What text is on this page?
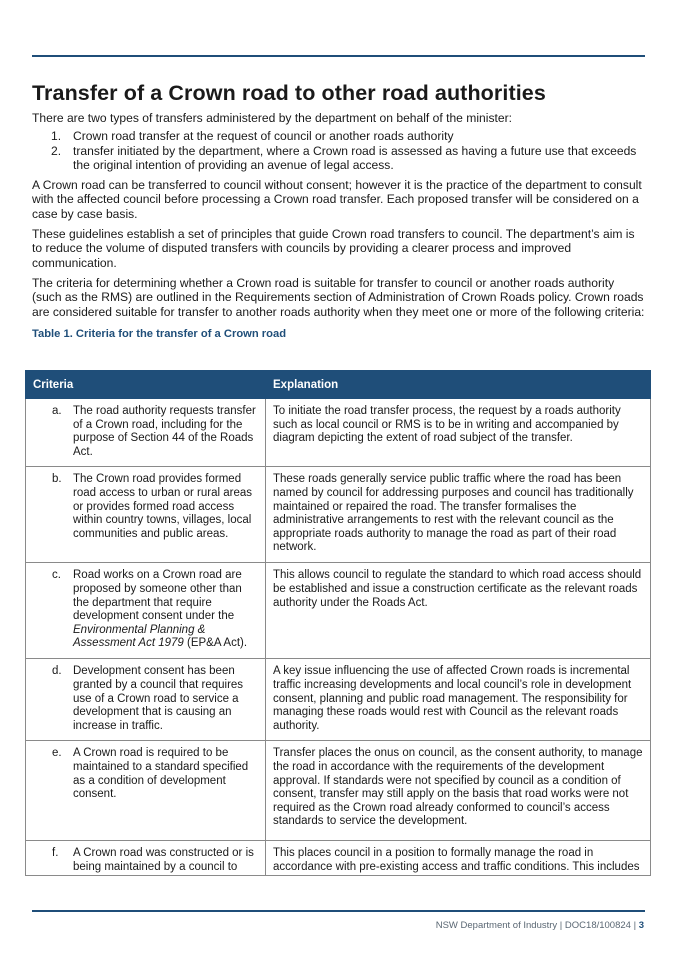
Transfer of a Crown road to other road authorities

There are two types of transfers administered by the department on behalf of the minister:

1. Crown road transfer at the request of council or another roads authority
2. transfer initiated by the department, where a Crown road is assessed as having a future use that exceeds the original intention of providing an avenue of legal access.

A Crown road can be transferred to council without consent; however it is the practice of the department to consult with the affected council before processing a Crown road transfer. Each proposed transfer will be considered on a case by case basis.

These guidelines establish a set of principles that guide Crown road transfers to council. The department’s aim is to reduce the volume of disputed transfers with councils by providing a clearer process and improved communication.

The criteria for determining whether a Crown road is suitable for transfer to council or another roads authority (such as the RMS) are outlined in the Requirements section of Administration of Crown Roads policy. Crown roads are considered suitable for transfer to another roads authority when they meet one or more of the following criteria:

Table 1. Criteria for the transfer of a Crown road
Criteria	Explanation

a. The road authority requests transfer of a Crown road, including for the purpose of Section 44 of the Roads Act.	To initiate the road transfer process, the request by a roads authority such as local council or RMS is to be in writing and accompanied by diagram depicting the extent of road subject of the transfer.

b. The Crown road provides formed road access to urban or rural areas or provides formed road access within country towns, villages, local communities and public areas.	These roads generally service public traffic where the road has been named by council for addressing purposes and council has traditionally maintained or repaired the road. The transfer formalises the administrative arrangements to rest with the relevant council as the appropriate roads authority to manage the road as part of their road network.

c. Road works on a Crown road are proposed by someone other than the department that require development consent under the Environmental Planning & Assessment Act 1979 (EP&A Act).	This allows council to regulate the standard to which road access should be established and issue a construction certificate as the relevant roads authority under the Roads Act.

d. Development consent has been granted by a council that requires use of a Crown road to service a development that is causing an increase in traffic.	A key issue influencing the use of affected Crown roads is incremental traffic increasing developments and local council’s role in development consent, planning and public road management. The responsibility for managing these roads would rest with Council as the relevant roads authority.

e. A Crown road is required to be maintained to a standard specified as a condition of development consent.	Transfer places the onus on council, as the consent authority, to manage the road in accordance with the requirements of the development approval. If standards were not specified by council as a condition of consent, transfer may still apply on the basis that road works were not required as the Crown road already conformed to council’s access standards to service the development.

f. A Crown road was constructed or is being maintained by a council to	This places council in a position to formally manage the road in accordance with pre-existing access and traffic conditions. This includes
NSW Department of Industry | DOC18/100824 | 3
